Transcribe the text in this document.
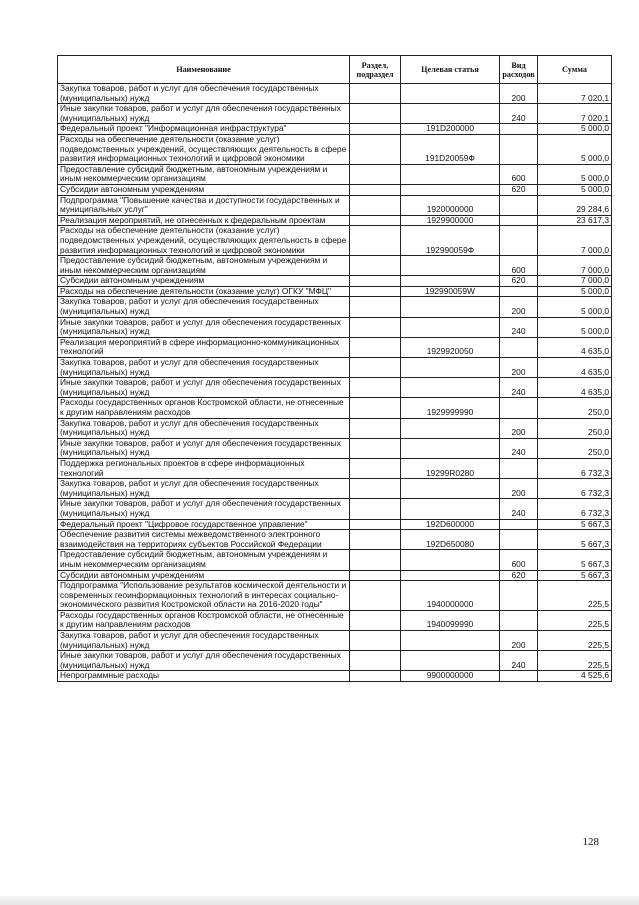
Наименование	Раздел, подраздел	Целевая статья	Вид расходов	Сумма
Закупка товаров, работ и услуг для обеспечения государственных (муниципальных) нужд			200	7 020,1
Иные закупки товаров, работ и услуг для обеспечения государственных (муниципальных) нужд			240	7 020,1
Федеральный проект "Информационная инфраструктура"		191D200000		5 000,0
Расходы на обеспечение деятельности (оказание услуг) подведомственных учреждений, осуществляющих деятельность в сфере развития информационных технологий и цифровой экономики		191D20059Ф		5 000,0
Предоставление субсидий бюджетным, автономным учреждениям и иным некоммерческим организациям			600	5 000,0
Субсидии автономным учреждениям			620	5 000,0
Подпрограмма "Повышение качества и доступности государственных и муниципальных услуг"		1920000000		29 284,6
Реализация мероприятий, не отнесенных к федеральным проектам		1929900000		23 617,3
Расходы на обеспечение деятельности (оказание услуг) подведомственных учреждений, осуществляющих деятельность в сфере развития информационных технологий и цифровой экономики		192990059Ф		7 000,0
Предоставление субсидий бюджетным, автономным учреждениям и иным некоммерческим организациям			600	7 000,0
Субсидии автономным учреждениям			620	7 000,0
Расходы на обеспечение деятельности (оказание услуг) ОГКУ "МФЦ"		192990059W		5 000,0
Закупка товаров, работ и услуг для обеспечения государственных (муниципальных) нужд			200	5 000,0
Иные закупки товаров, работ и услуг для обеспечения государственных (муниципальных) нужд			240	5 000,0
Реализация мероприятий в сфере информационно-коммуникационных технологий		1929920050		4 635,0
Закупка товаров, работ и услуг для обеспечения государственных (муниципальных) нужд			200	4 635,0
Иные закупки товаров, работ и услуг для обеспечения государственных (муниципальных) нужд			240	4 635,0
Расходы государственных органов Костромской области, не отнесенные к другим направлениям расходов		1929999990		250,0
Закупка товаров, работ и услуг для обеспечения государственных (муниципальных) нужд			200	250,0
Иные закупки товаров, работ и услуг для обеспечения государственных (муниципальных) нужд			240	250,0
Поддержка региональных проектов в сфере информационных технологий		19299R0280		6 732,3
Закупка товаров, работ и услуг для обеспечения государственных (муниципальных) нужд			200	6 732,3
Иные закупки товаров, работ и услуг для обеспечения государственных (муниципальных) нужд			240	6 732,3
Федеральный проект "Цифровое государственное управление"		192D600000		5 667,3
Обеспечение развития системы межведомственного электронного взаимодействия на территориях субъектов Российской Федерации		192D650080		5 667,3
Предоставление субсидий бюджетным, автономным учреждениям и иным некоммерческим организациям			600	5 667,3
Субсидии автономным учреждениям			620	5 667,3
Подпрограмма "Использование результатов космической деятельности и современных геоинформационных технологий в интересах социально-экономического развития Костромской области на 2016-2020 годы"		1940000000		225,5
Расходы государственных органов Костромской области, не отнесенные к другим направлениям расходов		1940099990		225,5
Закупка товаров, работ и услуг для обеспечения государственных (муниципальных) нужд			200	225,5
Иные закупки товаров, работ и услуг для обеспечения государственных (муниципальных) нужд			240	225,5
Непрограммные расходы		9900000000		4 525,6
128
